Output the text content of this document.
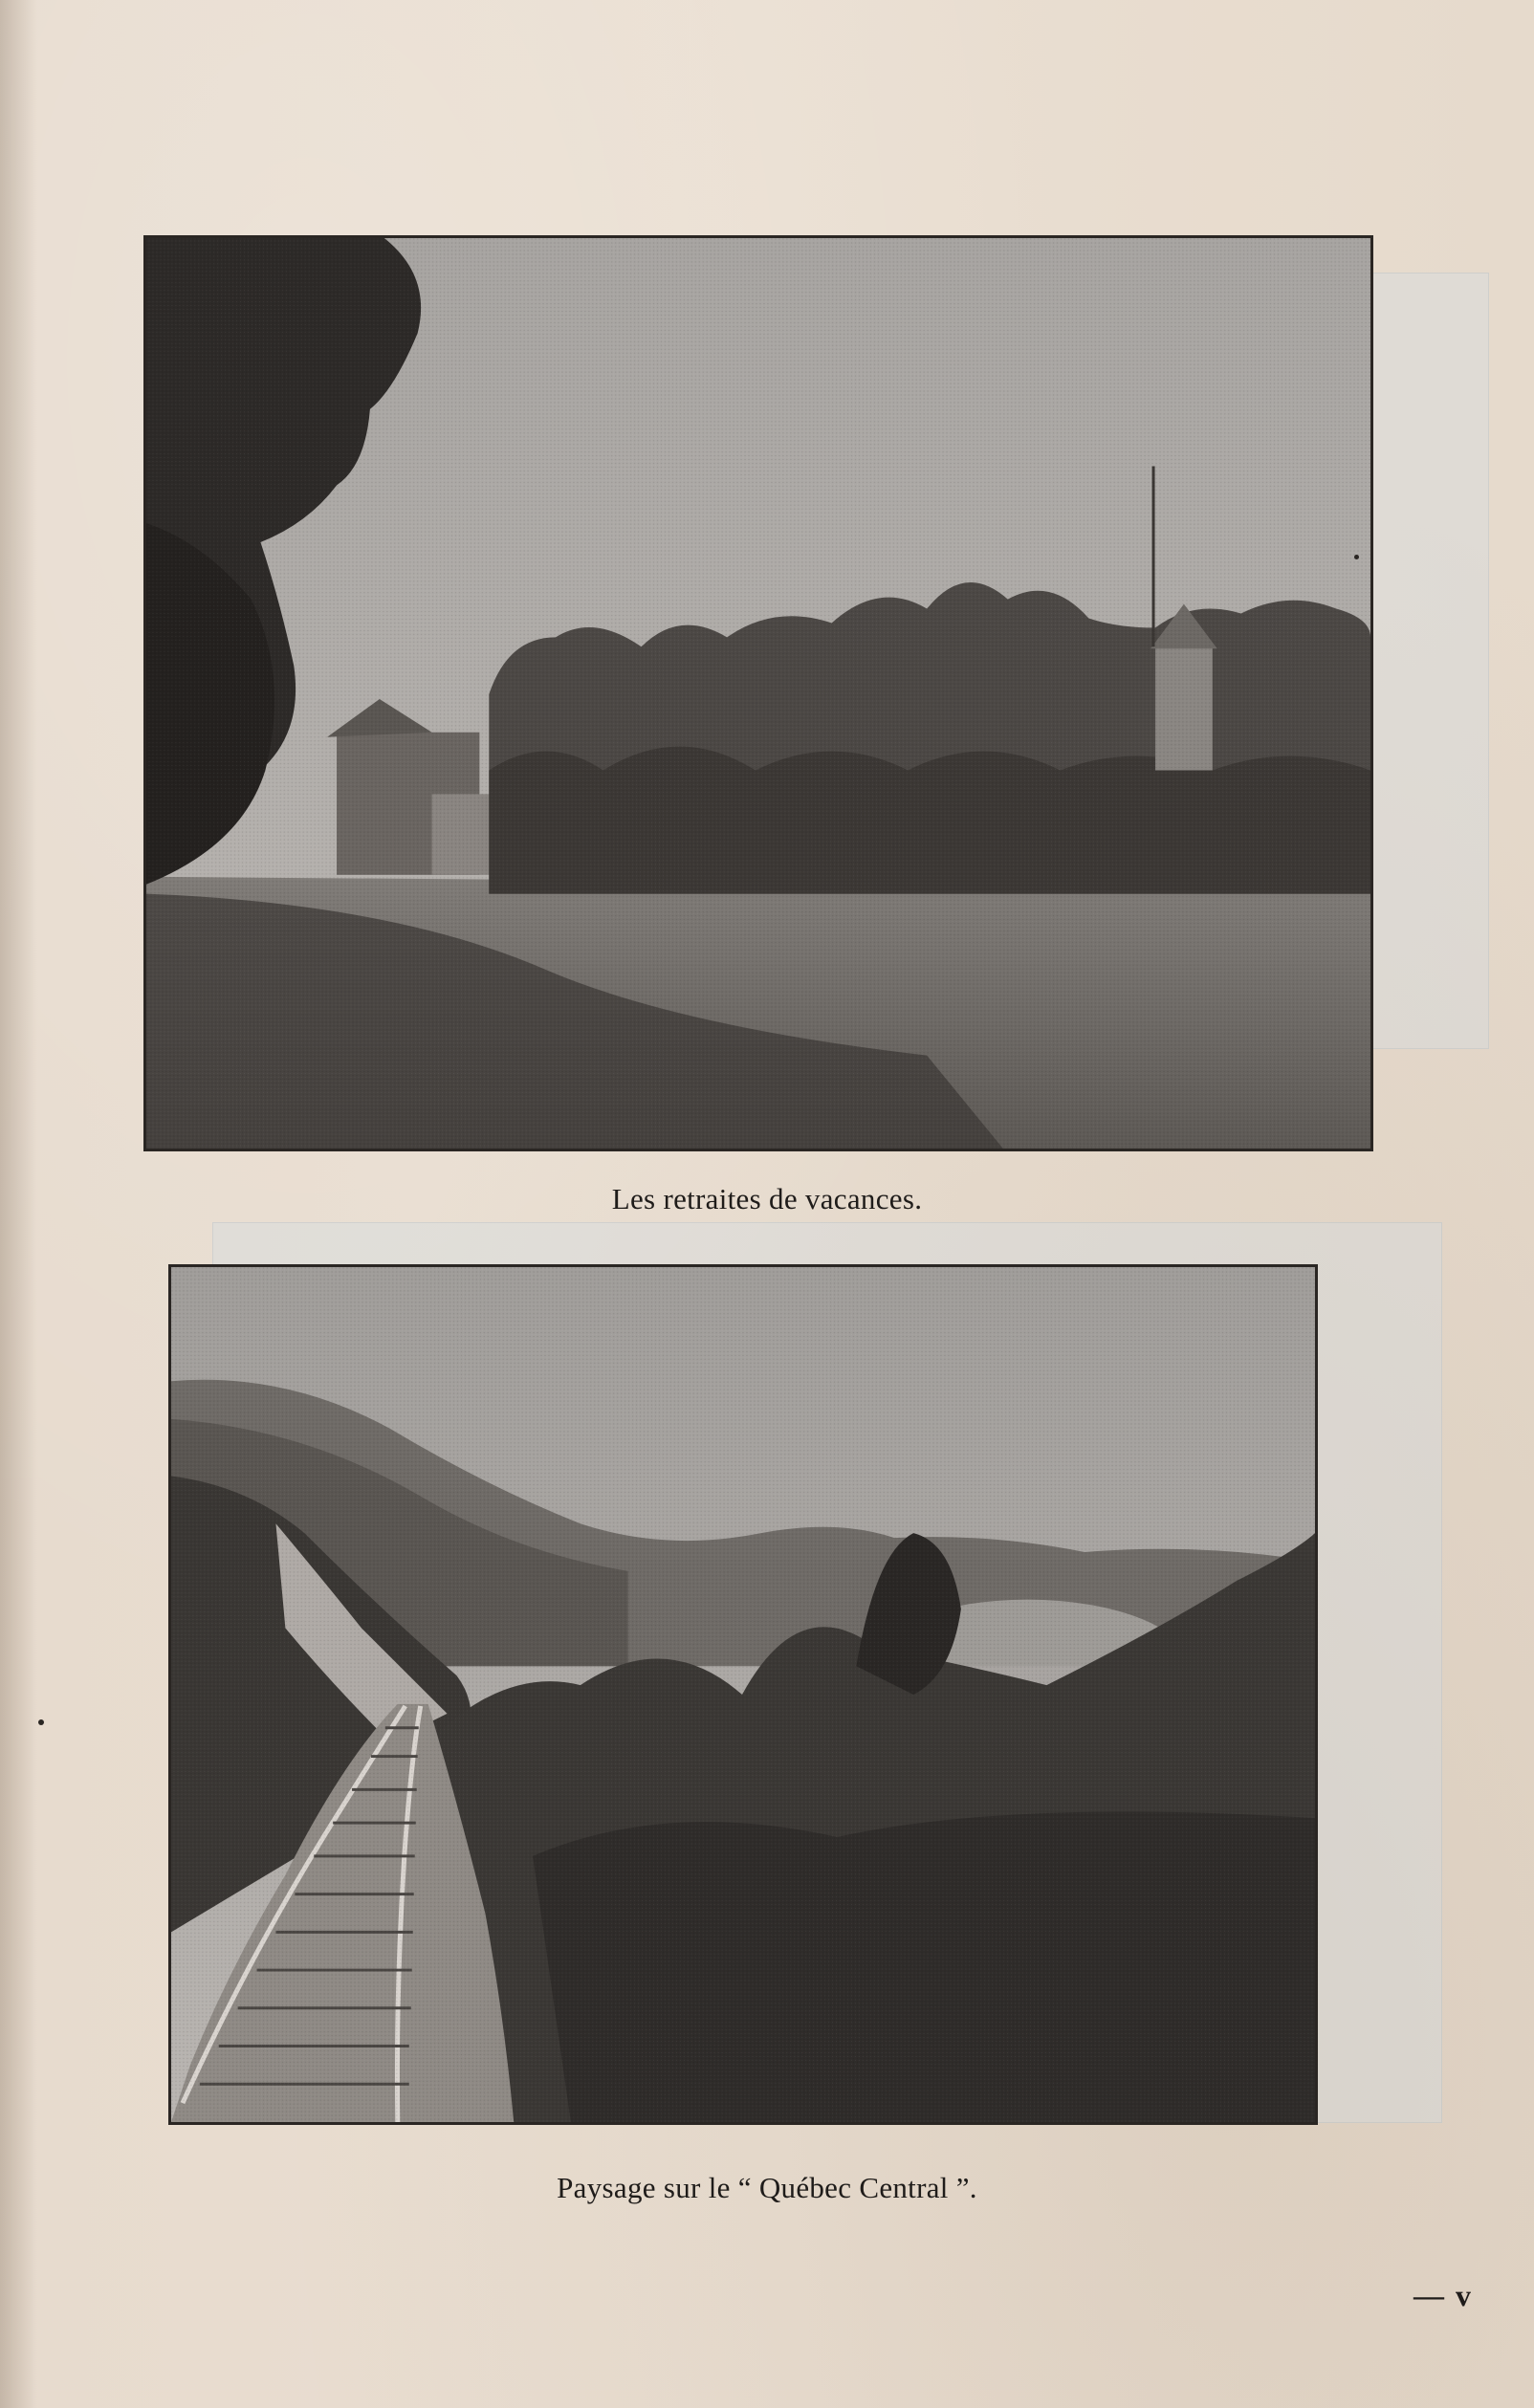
Les retraites de vacances.
Paysage sur le “ Québec Central ”.
— v
